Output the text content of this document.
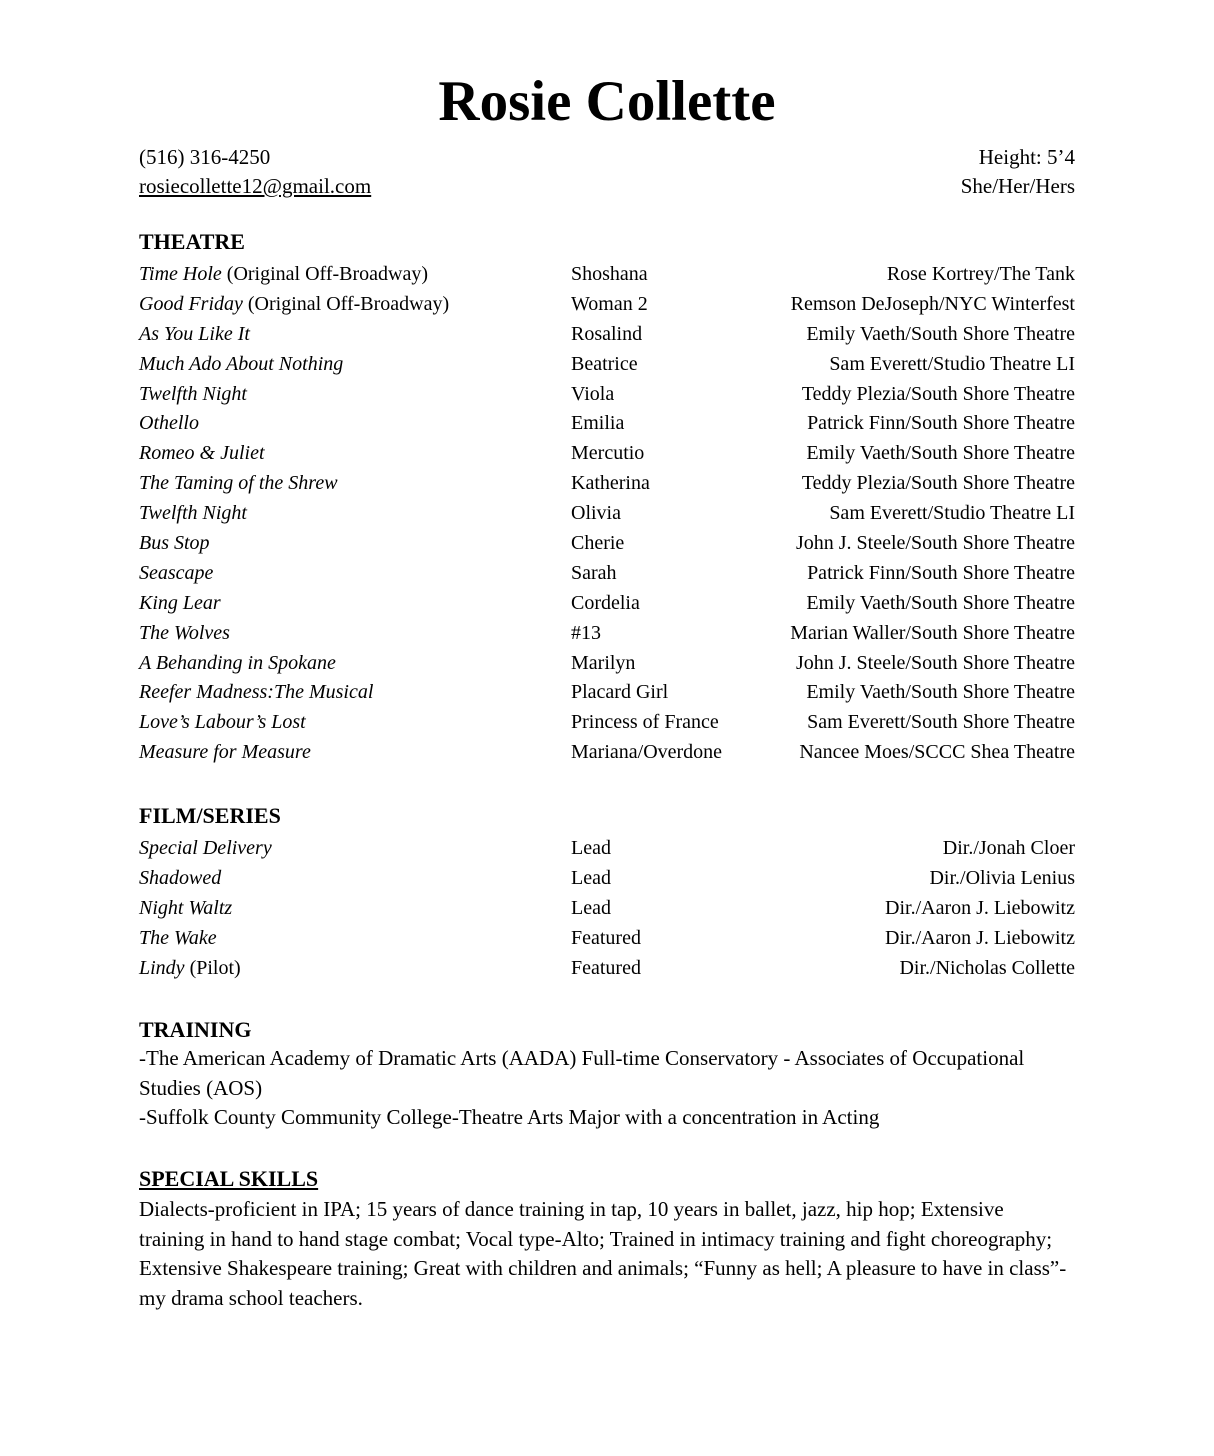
Rosie Collette
(516) 316-4250
rosiecollette12@gmail.com
Height: 5’4
She/Her/Hers
THEATRE
Time Hole (Original Off-Broadway)	Shoshana	Rose Kortrey/The Tank
Good Friday (Original Off-Broadway)	Woman 2	Remson DeJoseph/NYC Winterfest
As You Like It	Rosalind	Emily Vaeth/South Shore Theatre
Much Ado About Nothing	Beatrice	Sam Everett/Studio Theatre LI
Twelfth Night	Viola	Teddy Plezia/South Shore Theatre
Othello	Emilia	Patrick Finn/South Shore Theatre
Romeo & Juliet	Mercutio	Emily Vaeth/South Shore Theatre
The Taming of the Shrew	Katherina	Teddy Plezia/South Shore Theatre
Twelfth Night	Olivia	Sam Everett/Studio Theatre LI
Bus Stop	Cherie	John J. Steele/South Shore Theatre
Seascape	Sarah	Patrick Finn/South Shore Theatre
King Lear	Cordelia	Emily Vaeth/South Shore Theatre
The Wolves	#13	Marian Waller/South Shore Theatre
A Behanding in Spokane	Marilyn	John J. Steele/South Shore Theatre
Reefer Madness:The Musical	Placard Girl	Emily Vaeth/South Shore Theatre
Love’s Labour’s Lost	Princess of France	Sam Everett/South Shore Theatre
Measure for Measure	Mariana/Overdone	Nancee Moes/SCCC Shea Theatre
FILM/SERIES
Special Delivery	Lead	Dir./Jonah Cloer
Shadowed	Lead	Dir./Olivia Lenius
Night Waltz	Lead	Dir./Aaron J. Liebowitz
The Wake	Featured	Dir./Aaron J. Liebowitz
Lindy (Pilot)	Featured	Dir./Nicholas Collette
TRAINING

-The American Academy of Dramatic Arts (AADA) Full-time Conservatory - Associates of Occupational Studies (AOS)

-Suffolk County Community College-Theatre Arts Major with a concentration in Acting

SPECIAL SKILLS

Dialects-proficient in IPA; 15 years of dance training in tap, 10 years in ballet, jazz, hip hop; Extensive training in hand to hand stage combat; Vocal type-Alto; Trained in intimacy training and fight choreography; Extensive Shakespeare training; Great with children and animals; “Funny as hell; A pleasure to have in class”-my drama school teachers.
